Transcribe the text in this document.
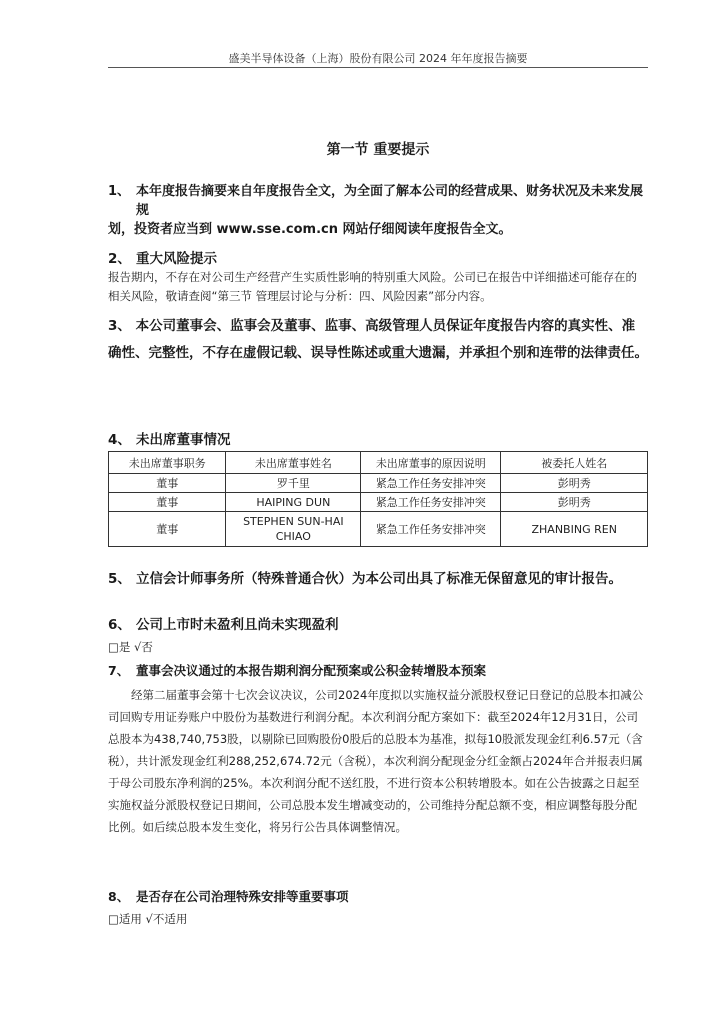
盛美半导体设备（上海）股份有限公司 2024 年年度报告摘要
第一节 重要提示
1、 本年度报告摘要来自年度报告全文，为全面了解本公司的经营成果、财务状况及未来发展规
划，投资者应当到 www.sse.com.cn 网站仔细阅读年度报告全文。
2、 重大风险提示
报告期内，不存在对公司生产经营产生实质性影响的特别重大风险。公司已在报告中详细描述可能存在的相关风险，敬请查阅“第三节 管理层讨论与分析：四、风险因素”部分内容。
3、 本公司董事会、监事会及董事、监事、高级管理人员保证年度报告内容的真实性、准确性、完整性，不存在虚假记载、误导性陈述或重大遗漏，并承担个别和连带的法律责任。
4、 未出席董事情况
未出席董事职务	未出席董事姓名	未出席董事的原因说明	被委托人姓名
董事	罗千里	紧急工作任务安排冲突	彭明秀
董事	HAIPING DUN	紧急工作任务安排冲突	彭明秀
董事	STEPHEN SUN-HAI CHIAO	紧急工作任务安排冲突	ZHANBING REN
5、 立信会计师事务所（特殊普通合伙）为本公司出具了标准无保留意见的审计报告。
6、 公司上市时未盈利且尚未实现盈利
□是 √否
7、 董事会决议通过的本报告期利润分配预案或公积金转增股本预案
经第二届董事会第十七次会议决议，公司2024年度拟以实施权益分派股权登记日登记的总股本扣减公司回购专用证券账户中股份为基数进行利润分配。本次利润分配方案如下：截至2024年12月31日，公司总股本为438,740,753股，以剔除已回购股份0股后的总股本为基准，拟每10股派发现金红利6.57元（含税），共计派发现金红利288,252,674.72元（含税），本次利润分配现金分红金额占2024年合并报表归属于母公司股东净利润的25%。本次利润分配不送红股，不进行资本公积转增股本。如在公告披露之日起至实施权益分派股权登记日期间，公司总股本发生增减变动的，公司维持分配总额不变，相应调整每股分配比例。如后续总股本发生变化，将另行公告具体调整情况。
8、 是否存在公司治理特殊安排等重要事项
□适用 √不适用
